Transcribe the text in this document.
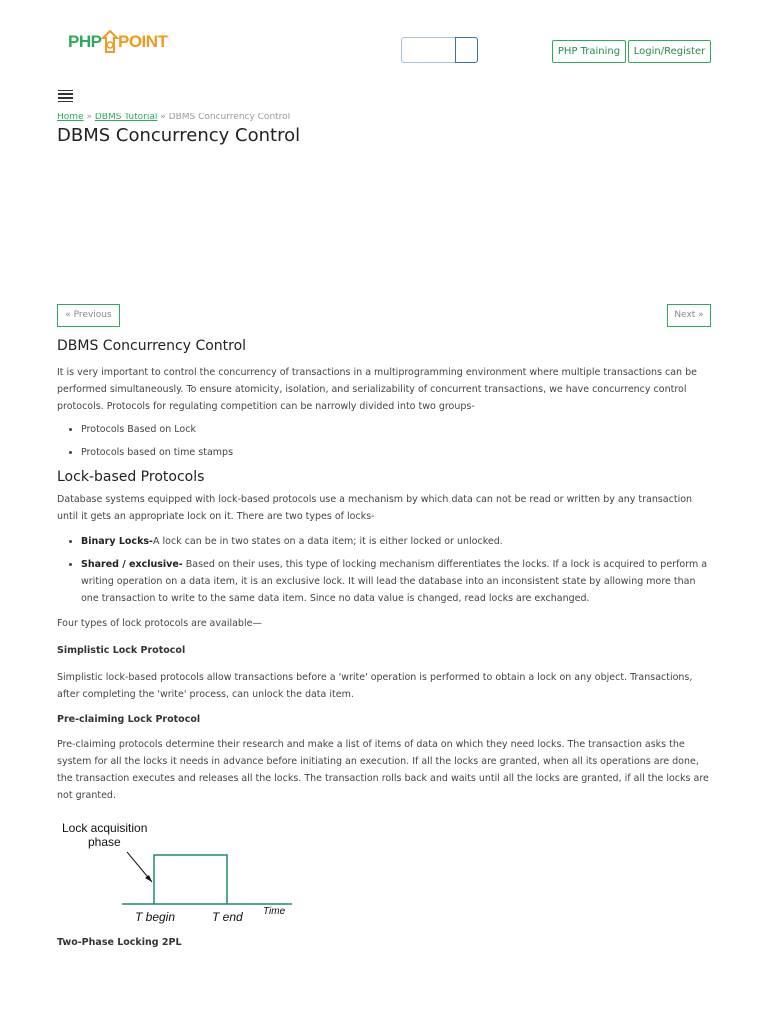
PHP POINT
PHP Training	Login/Register
Home » DBMS Tutorial » DBMS Concurrency Control
DBMS Concurrency Control
« Previous	Next »
DBMS Concurrency Control

It is very important to control the concurrency of transactions in a multiprogramming environment where multiple transactions can be performed simultaneously. To ensure atomicity, isolation, and serializability of concurrent transactions, we have concurrency control protocols. Protocols for regulating competition can be narrowly divided into two groups-

• Protocols Based on Lock
• Protocols based on time stamps
Lock-based Protocols

Database systems equipped with lock-based protocols use a mechanism by which data can not be read or written by any transaction until it gets an appropriate lock on it. There are two types of locks-

• Binary Locks-A lock can be in two states on a data item; it is either locked or unlocked.
• Shared / exclusive- Based on their uses, this type of locking mechanism differentiates the locks. If a lock is acquired to perform a writing operation on a data item, it is an exclusive lock. It will lead the database into an inconsistent state by allowing more than one transaction to write to the same data item. Since no data value is changed, read locks are exchanged.

Four types of lock protocols are available—

Simplistic Lock Protocol

Simplistic lock-based protocols allow transactions before a 'write' operation is performed to obtain a lock on any object. Transactions, after completing the 'write' process, can unlock the data item.

Pre-claiming Lock Protocol

Pre-claiming protocols determine their research and make a list of items of data on which they need locks. The transaction asks the system for all the locks it needs in advance before initiating an execution. If all the locks are granted, when all its operations are done, the transaction executes and releases all the locks. The transaction rolls back and waits until all the locks are granted, if all the locks are not granted.

Lock acquisition
phase
T begin	T end Time
Two-Phase Locking 2PL
